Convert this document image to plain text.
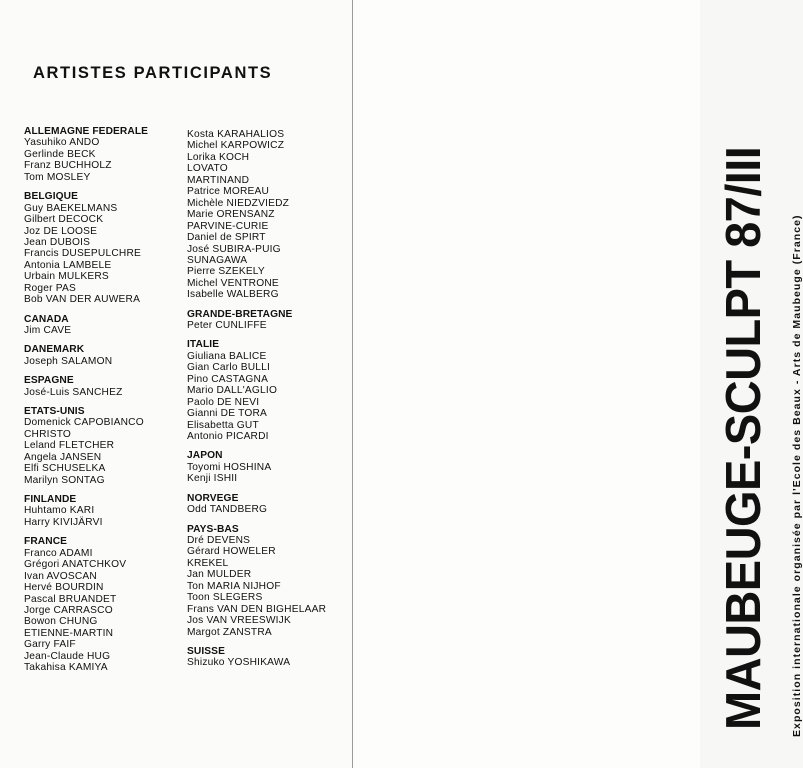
ARTISTES PARTICIPANTS
ALLEMAGNE FEDERALE
Yasuhiko ANDO
Gerlinde BECK
Franz BUCHHOLZ
Tom MOSLEY
BELGIQUE
Guy BAEKELMANS
Gilbert DECOCK
Joz DE LOOSE
Jean DUBOIS
Francis DUSEPULCHRE
Antonia LAMBELE
Urbain MULKERS
Roger PAS
Bob VAN DER AUWERA
CANADA
Jim CAVE
DANEMARK
Joseph SALAMON
ESPAGNE
José-Luis SANCHEZ
ETATS-UNIS
Domenick CAPOBIANCO
CHRISTO
Leland FLETCHER
Angela JANSEN
Elfi SCHUSELKA
Marilyn SONTAG
FINLANDE
Huhtamo KARI
Harry KIVIJÄRVI
FRANCE
Franco ADAMI
Grégori ANATCHKOV
Ivan AVOSCAN
Hervé BOURDIN
Pascal BRUANDET
Jorge CARRASCO
Bowon CHUNG
ETIENNE-MARTIN
Garry FAIF
Jean-Claude HUG
Takahisa KAMIYA
Kosta KARAHALIOS
Michel KARPOWICZ
Lorika KOCH
LOVATO
MARTINAND
Patrice MOREAU
Michèle NIEDZVIEDZ
Marie ORENSANZ
PARVINE-CURIE
Daniel de SPIRT
José SUBIRA-PUIG
SUNAGAWA
Pierre SZEKELY
Michel VENTRONE
Isabelle WALBERG
GRANDE-BRETAGNE
Peter CUNLIFFE
ITALIE
Giuliana BALICE
Gian Carlo BULLI
Pino CASTAGNA
Mario DALL'AGLIO
Paolo DE NEVI
Gianni DE TORA
Elisabetta GUT
Antonio PICARDI
JAPON
Toyomi HOSHINA
Kenji ISHII
NORVEGE
Odd TANDBERG
PAYS-BAS
Dré DEVENS
Gérard HOWELER
KREKEL
Jan MULDER
Ton MARIA NIJHOF
Toon SLEGERS
Frans VAN DEN BIGHELAAR
Jos VAN VREESWIJK
Margot ZANSTRA
SUISSE
Shizuko YOSHIKAWA	MAUBEUGE-SCULPT 87/III Exposition internationale organisée par l'Ecole des Beaux - Arts de Maubeuge (France)
